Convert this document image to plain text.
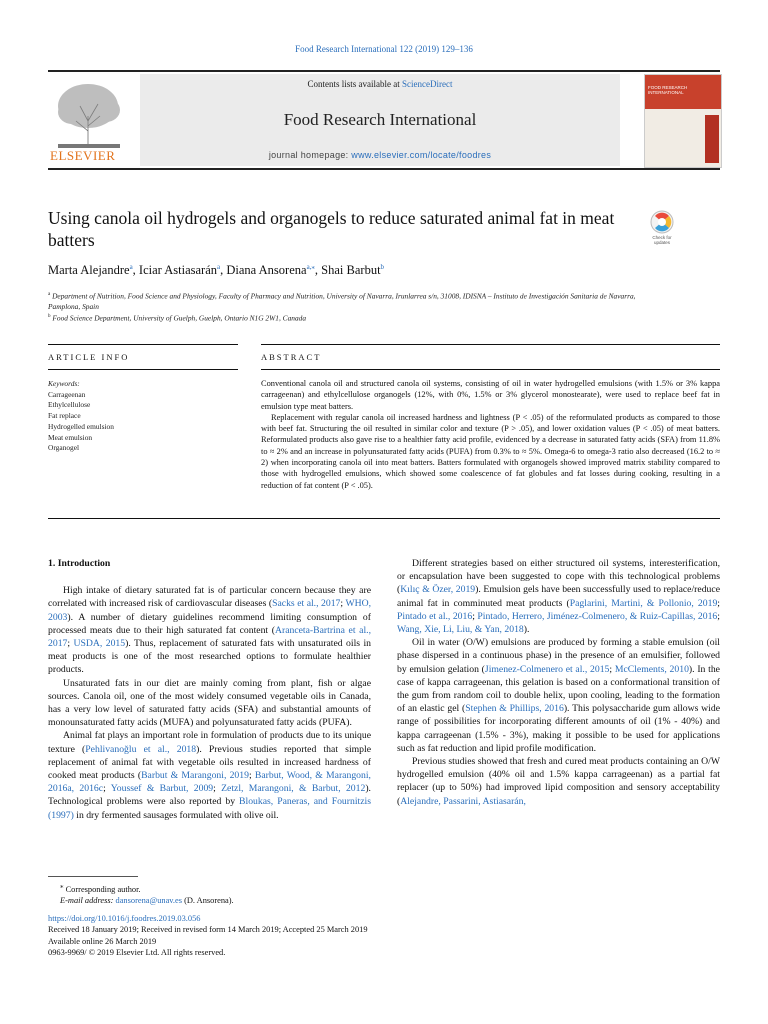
Food Research International 122 (2019) 129–136
ELSEVIER
Contents lists available at ScienceDirect
Food Research International
journal homepage: www.elsevier.com/locate/foodres
FOOD RESEARCH INTERNATIONAL
Using canola oil hydrogels and organogels to reduce saturated animal fat in meat batters	Check for updates
Marta Alejandre$^a$, Iciar Astiasarán$^a$, Diana Ansorena$^{a,⁎}$, Shai Barbut$^b$
$^a$ Department of Nutrition, Food Science and Physiology, Faculty of Pharmacy and Nutrition, University of Navarra, Irunlarrea s/n, 31008, IDISNA – Instituto de Investigación Sanitaria de Navarra, Pamplona, Spain
$^b$ Food Science Department, University of Guelph, Guelph, Ontario N1G 2W1, Canada
ARTICLE INFO	ABSTRACT
Keywords:
Carrageenan
Ethylcellulose
Fat replace
Hydrogelled emulsion
Meat emulsion
Organogel

Conventional canola oil and structured canola oil systems, consisting of oil in water hydrogelled emulsions (with 1.5% or 3% kappa carrageenan) and ethylcellulose organogels (12%, with 0%, 1.5% or 3% glycerol monostearate), were used to replace beef fat in emulsion type meat batters.

Replacement with regular canola oil increased hardness and lightness (P < .05) of the reformulated products as compared to those with beef fat. Structuring the oil resulted in similar color and texture (P > .05), and lower oxidation values (P < .05) of meat batters. Reformulated products also gave rise to a healthier fatty acid profile, evidenced by a decrease in saturated fatty acids (SFA) from 11.8% to ≈ 2% and an increase in polyunsaturated fatty acids (PUFA) from 0.3% to ≈ 5%. Omega-6 to omega-3 ratio also decreased (16.2 to ≈ 2) when incorporating canola oil into meat batters. Batters formulated with organogels showed improved matrix stability compared to those with hydrogelled emulsions, which showed some coalescence of fat globules and fat losses during cooking, resulting in a reduction of fat content (P < .05).

1. Introduction

High intake of dietary saturated fat is of particular concern because they are correlated with increased risk of cardiovascular diseases (Sacks et al., 2017; WHO, 2003). A number of dietary guidelines recommend limiting consumption of processed meats due to their high saturated fat content (Aranceta-Bartrina et al., 2017; USDA, 2015). Thus, replacement of saturated fats with unsaturated oils in meat products is one of the most researched options to formulate healthier products.

Unsaturated fats in our diet are mainly coming from plant, fish or algae sources. Canola oil, one of the most widely consumed vegetable oils in Canada, has a very low level of saturated fatty acids (SFA) and substantial amounts of monounsaturated fatty acids (MUFA) and polyunsaturated fatty acids (PUFA).

Animal fat plays an important role in formulation of products due to its unique texture (Pehlivanoğlu et al., 2018). Previous studies reported that simple replacement of animal fat with vegetable oils resulted in increased hardness of cooked meat products (Barbut & Marangoni, 2019; Barbut, Wood, & Marangoni, 2016a, 2016c; Youssef & Barbut, 2009; Zetzl, Marangoni, & Barbut, 2012). Technological problems were also reported by Bloukas, Paneras, and Fournitzis (1997) in dry fermented sausages formulated with olive oil.

Different strategies based on either structured oil systems, interesterification, or encapsulation have been suggested to cope with this technological problems (Kılıç & Özer, 2019). Emulsion gels have been successfully used to replace/reduce animal fat in comminuted meat products (Paglarini, Martini, & Pollonio, 2019; Pintado et al., 2016; Pintado, Herrero, Jiménez-Colmenero, & Ruiz-Capillas, 2016; Wang, Xie, Li, Liu, & Yan, 2018).

Oil in water (O/W) emulsions are produced by forming a stable emulsion (oil phase dispersed in a continuous phase) in the presence of an emulsifier, followed by emulsion gelation (Jimenez-Colmenero et al., 2015; McClements, 2010). In the case of kappa carrageenan, this gelation is based on a conformational transition of the gum from random coil to double helix, upon cooling, leading to the formation of an elastic gel (Stephen & Phillips, 2016). This polysaccharide gum allows wide range of possibilities for incorporating different amounts of oil (1% - 40%) and kappa carrageenan (1.5% - 3%), making it possible to be used for applications such as fat reduction and lipid profile modification.

Previous studies showed that fresh and cured meat products containing an O/W hydrogelled emulsion (40% oil and 1.5% kappa carrageenan) as a partial fat replacer (up to 50%) had improved lipid composition and sensory acceptability (Alejandre, Passarini, Astiasarán,

⁎ Corresponding author.
E-mail address: dansorena@unav.es (D. Ansorena).
https://doi.org/10.1016/j.foodres.2019.03.056
Received 18 January 2019; Received in revised form 14 March 2019; Accepted 25 March 2019
Available online 26 March 2019
0963-9969/ © 2019 Elsevier Ltd. All rights reserved.
